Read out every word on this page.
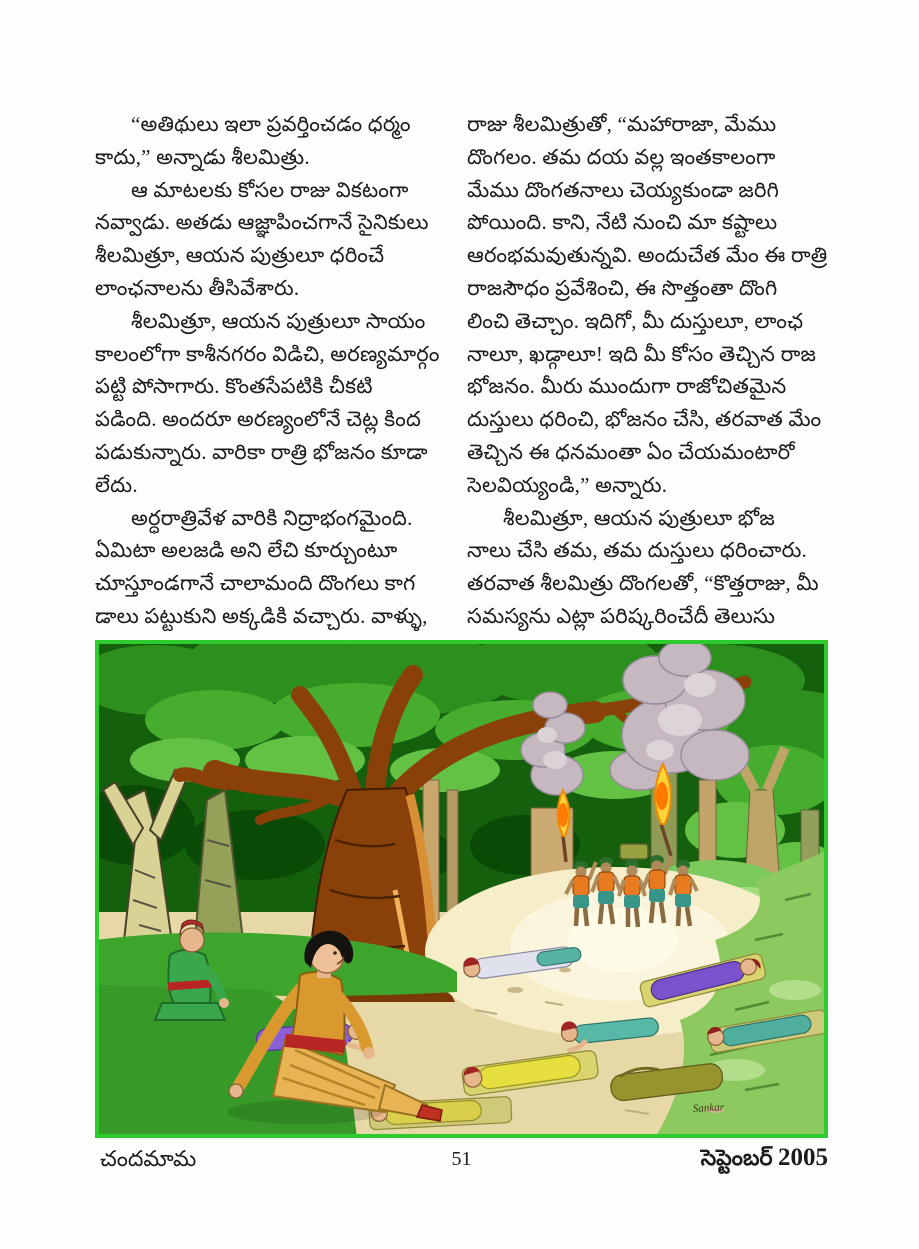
“అతిథులు ఇలా ప్రవర్తించడం ధర్మం
కాదు,” అన్నాడు శీలమిత్రు.
ఆ మాటలకు కోసల రాజు వికటంగా
నవ్వాడు. అతడు ఆజ్ఞాపించగానే సైనికులు
శీలమిత్రూ, ఆయన పుత్రులూ ధరించే
లాంఛనాలను తీసివేశారు.
శీలమిత్రూ, ఆయన పుత్రులూ సాయం
కాలంలోగా కాశీనగరం విడిచి, అరణ్యమార్గం
పట్టి పోసాగారు. కొంతసేపటికి చీకటి
పడింది. అందరూ అరణ్యంలోనే చెట్ల కింద
పడుకున్నారు. వారికా రాత్రి భోజనం కూడా
లేదు.
అర్ధరాత్రివేళ వారికి నిద్రాభంగమైంది.
ఏమిటా అలజడి అని లేచి కూర్చుంటూ
చూస్తూండగానే చాలామంది దొంగలు కాగ
డాలు పట్టుకుని అక్కడికి వచ్చారు. వాళ్ళు,
రాజు శీలమిత్రుతో, “మహారాజా, మేము
దొంగలం. తమ దయ వల్ల ఇంతకాలంగా
మేము దొంగతనాలు చెయ్యకుండా జరిగి
పోయింది. కాని, నేటి నుంచి మా కష్టాలు
ఆరంభమవుతున్నవి. అందుచేత మేం ఈ రాత్రి
రాజసౌధం ప్రవేశించి, ఈ సొత్తంతా దొంగి
లించి తెచ్చాం. ఇదిగో, మీ దుస్తులూ, లాంఛ
నాలూ, ఖడ్గాలూ! ఇది మీ కోసం తెచ్చిన రాజ
భోజనం. మీరు ముందుగా రాజోచితమైన
దుస్తులు ధరించి, భోజనం చేసి, తరవాత మేం
తెచ్చిన ఈ ధనమంతా ఏం చేయమంటారో
సెలవియ్యండి,” అన్నారు.
శీలమిత్రూ, ఆయన పుత్రులూ భోజ
నాలు చేసి తమ, తమ దుస్తులు ధరించారు.
తరవాత శీలమిత్రు దొంగలతో, “కొత్తరాజు, మీ
సమస్యను ఎట్లా పరిష్కరించేదీ తెలుసు
Sankar
చందమామ	51	సెప్టెంబర్ 2005
